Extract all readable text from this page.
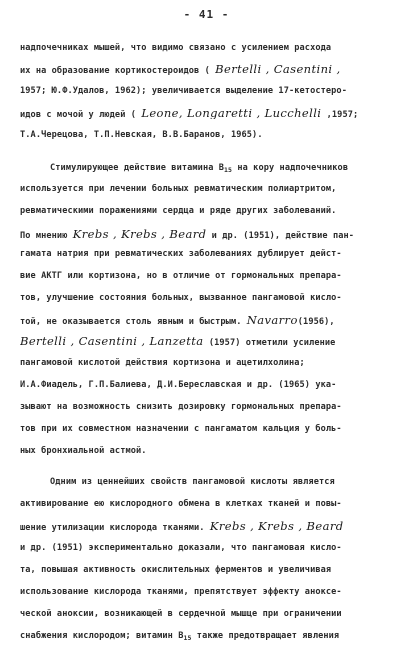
- 41 -
надпочечниках мышей, что видимо связано с усилением расхода
их на образование кортикостероидов ( Bertelli , Casentini ,
1957; Ю.Ф.Удалов, 1962); увеличивается выделение 17-кетостеро-
идов с мочой у людей ( Leone, Longaretti , Lucchelli ,1957;
Т.А.Черецова, Т.П.Невская, В.В.Баранов, 1965).
Стимулирующее действие витамина $В_{15}$ на кору надпочечников
используется при лечении больных ревматическим полиартритом,
ревматическими поражениями сердца и ряде других заболеваний.
По мнению Krebs , Krebs , Beard и др. (1951), действие пан-
гамата натрия при ревматических заболеваниях дублирует дейст-
вие АКТГ или кортизона, но в отличие от гормональных препара-
тов, улучшение состояния больных, вызванное пангамовой кисло-
той, не оказывается столь явным и быстрым. Navarro(1956),
Bertelli , Casentini , Lanzetta (1957) отметили усиление
пангамовой кислотой действия кортизона и ацетилхолина;
И.А.Фиадель, Г.П.Балиева, Д.И.Береславская и др. (1965) ука-
зывают на возможность снизить дозировку гормональных препара-
тов при их совместном назначении с пангаматом кальция у боль-
ных бронхиальной астмой.
Одним из ценнейших свойств пангамовой кислоты является
активирование ею кислородного обмена в клетках тканей и повы-
шение утилизации кислорода тканями. Krebs , Krebs , Beard
и др. (1951) экспериментально доказали, что пангамовая кисло-
та, повышая активность окислительных ферментов и увеличивая
использование кислорода тканями, препятствует эффекту аноксе-
ческой аноксии, возникающей в сердечной мышце при ограничении
снабжения кислородом; витамин $В_{15}$ также предотвращает явления
